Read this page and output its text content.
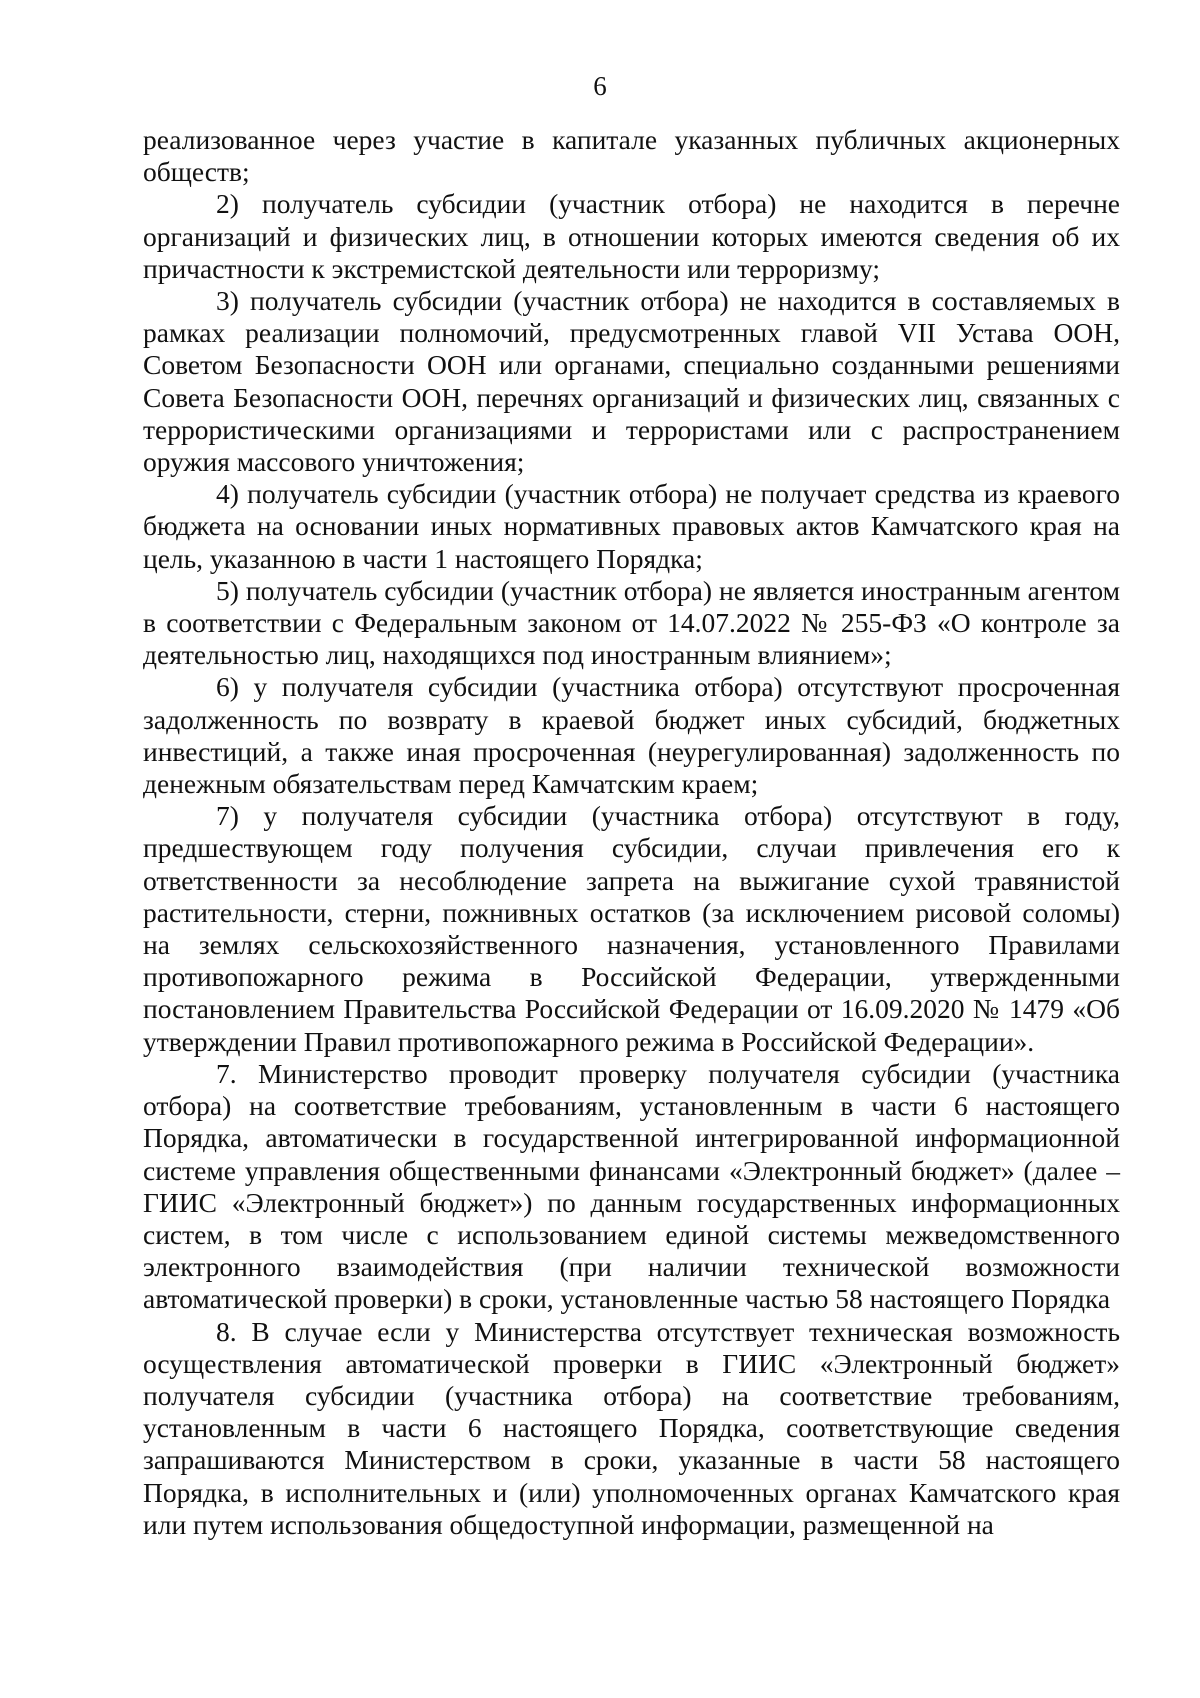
6

реализованное через участие в капитале указанных публичных акционерных обществ;

2) получатель субсидии (участник отбора) не находится в перечне организаций и физических лиц, в отношении которых имеются сведения об их причастности к экстремистской деятельности или терроризму;

3) получатель субсидии (участник отбора) не находится в составляемых в рамках реализации полномочий, предусмотренных главой VII Устава ООН, Советом Безопасности ООН или органами, специально созданными решениями Совета Безопасности ООН, перечнях организаций и физических лиц, связанных с террористическими организациями и террористами или с распространением оружия массового уничтожения;

4) получатель субсидии (участник отбора) не получает средства из краевого бюджета на основании иных нормативных правовых актов Камчатского края на цель, указанною в части 1 настоящего Порядка;

5) получатель субсидии (участник отбора) не является иностранным агентом в соответствии с Федеральным законом от 14.07.2022 № 255-ФЗ «О контроле за деятельностью лиц, находящихся под иностранным влиянием»;

6) у получателя субсидии (участника отбора) отсутствуют просроченная задолженность по возврату в краевой бюджет иных субсидий, бюджетных инвестиций, а также иная просроченная (неурегулированная) задолженность по денежным обязательствам перед Камчатским краем;

7) у получателя субсидии (участника отбора) отсутствуют в году, предшествующем году получения субсидии, случаи привлечения его к ответственности за несоблюдение запрета на выжигание сухой травянистой растительности, стерни, пожнивных остатков (за исключением рисовой соломы) на землях сельскохозяйственного назначения, установленного Правилами противопожарного режима в Российской Федерации, утвержденными постановлением Правительства Российской Федерации от 16.09.2020 № 1479 «Об утверждении Правил противопожарного режима в Российской Федерации».

7. Министерство проводит проверку получателя субсидии (участника отбора) на соответствие требованиям, установленным в части 6 настоящего Порядка, автоматически в государственной интегрированной информационной системе управления общественными финансами «Электронный бюджет» (далее – ГИИС «Электронный бюджет») по данным государственных информационных систем, в том числе с использованием единой системы межведомственного электронного взаимодействия (при наличии технической возможности автоматической проверки) в сроки, установленные частью 58 настоящего Порядка

8. В случае если у Министерства отсутствует техническая возможность осуществления автоматической проверки в ГИИС «Электронный бюджет» получателя субсидии (участника отбора) на соответствие требованиям, установленным в части 6 настоящего Порядка, соответствующие сведения запрашиваются Министерством в сроки, указанные в части 58 настоящего Порядка, в исполнительных и (или) уполномоченных органах Камчатского края или путем использования общедоступной информации, размещенной на
